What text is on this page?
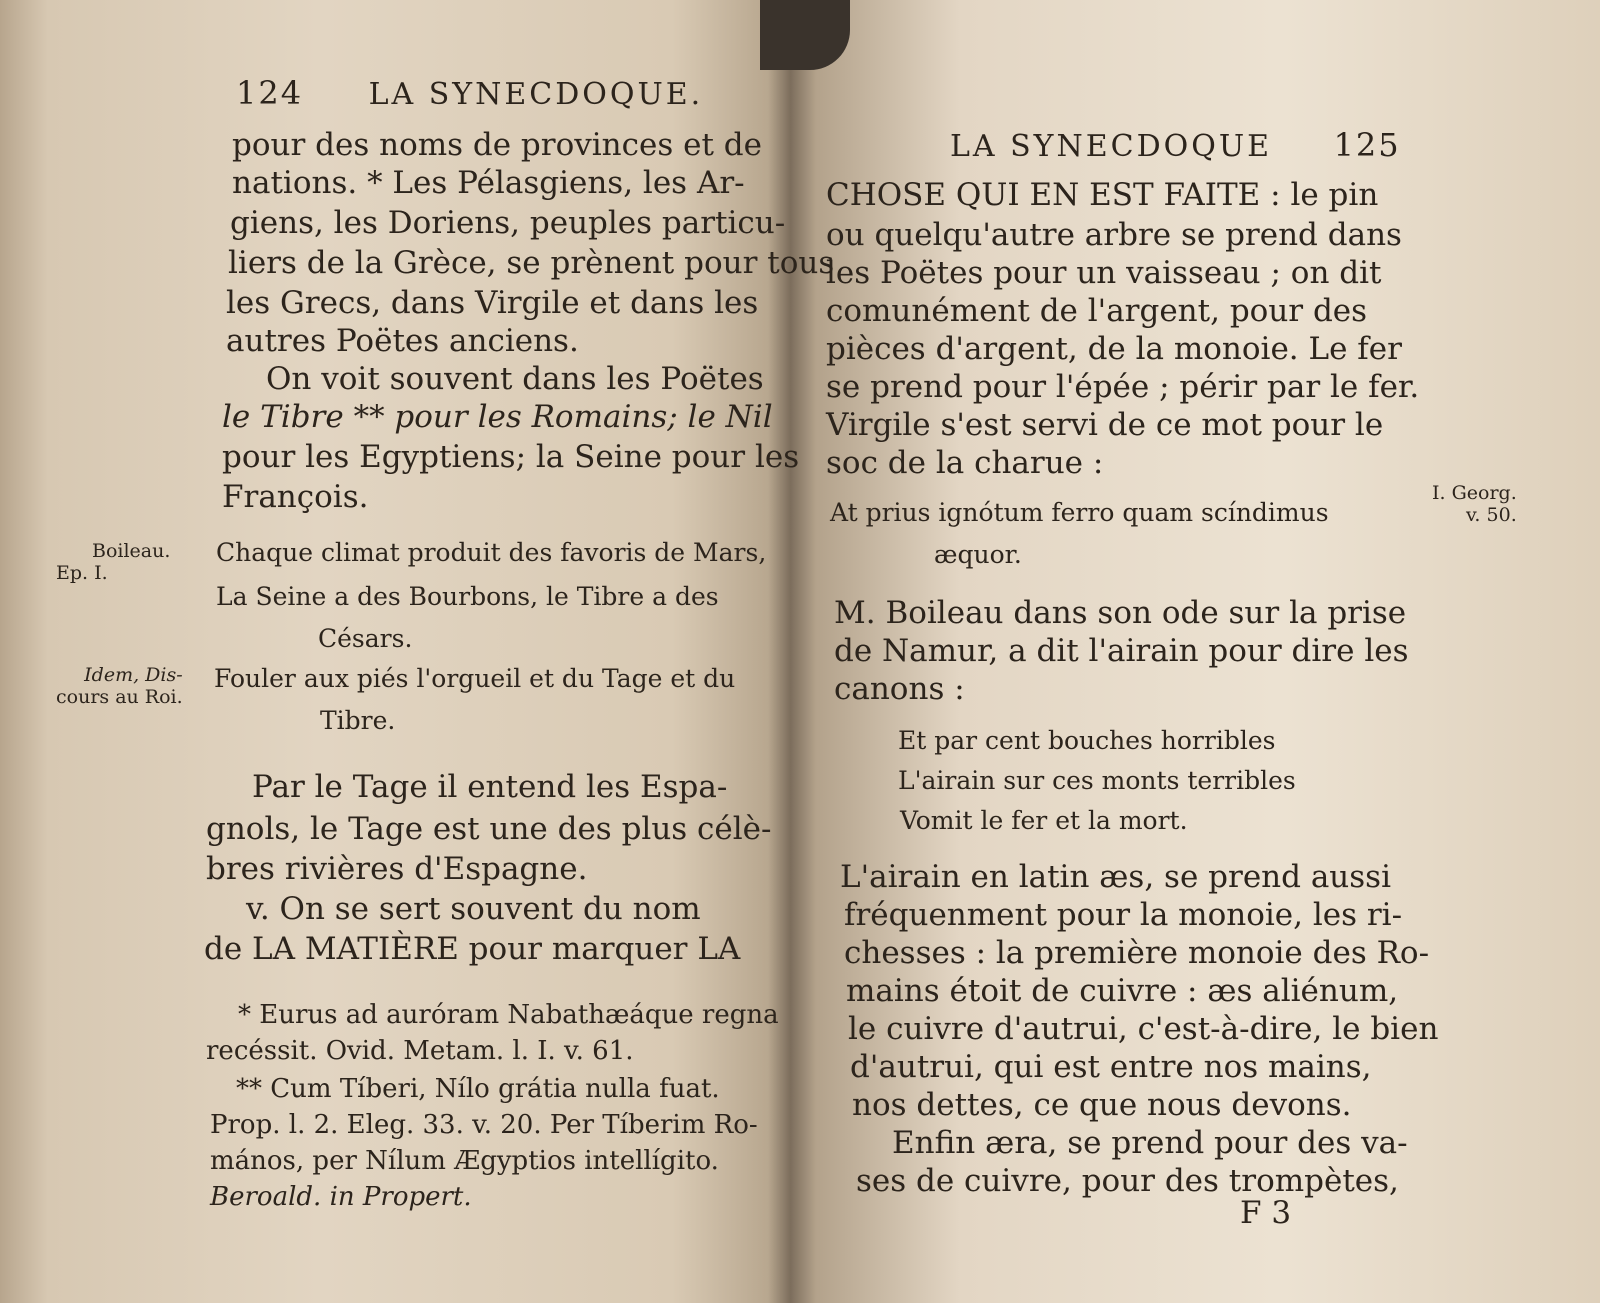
124 LA SYNECDOQUE.
pour des noms de provinces et de
nations. * Les Pélasgiens, les Ar-
giens, les Doriens, peuples particu-
liers de la Grèce, se prènent pour tous
les Grecs, dans Virgile et dans les
autres Poëtes anciens.
On voit souvent dans les Poëtes
le Tibre ** pour les Romains; le Nil
pour les Egyptiens; la Seine pour les
François.
Boileau.
Ep. I.
Chaque climat produit des favoris de Mars,
La Seine a des Bourbons, le Tibre a des
Césars.
Idem, Dis-
cours au Roi.
Fouler aux piés l'orgueil et du Tage et du
Tibre.
Par le Tage il entend les Espa-
gnols, le Tage est une des plus célè-
bres rivières d'Espagne.
v. On se sert souvent du nom
de LA MATIÈRE pour marquer LA
* Eurus ad auróram Nabathæáque regna
recéssit. Ovid. Metam. l. I. v. 61.
** Cum Tíberi, Nílo grátia nulla fuat.
Prop. l. 2. Eleg. 33. v. 20. Per Tíberim Ro-
mános, per Nílum Ægyptios intellígito.
Beroald. in Propert.
LA SYNECDOQUE 125
CHOSE QUI EN EST FAITE : le pin
ou quelqu'autre arbre se prend dans
les Poëtes pour un vaisseau ; on dit
comunément de l'argent, pour des
pièces d'argent, de la monoie. Le fer
se prend pour l'épée ; périr par le fer.
Virgile s'est servi de ce mot pour le
soc de la charue :
At prius ignótum ferro quam scíndimus
æquor.
I. Georg.
v. 50.
M. Boileau dans son ode sur la prise
de Namur, a dit l'airain pour dire les
canons :
Et par cent bouches horribles
L'airain sur ces monts terribles
Vomit le fer et la mort.
L'airain en latin æs, se prend aussi
fréquenment pour la monoie, les ri-
chesses : la première monoie des Ro-
mains étoit de cuivre : æs aliénum,
le cuivre d'autrui, c'est-à-dire, le bien
d'autrui, qui est entre nos mains,
nos dettes, ce que nous devons.
Enfin æra, se prend pour des va-
ses de cuivre, pour des trompètes,
F 3
